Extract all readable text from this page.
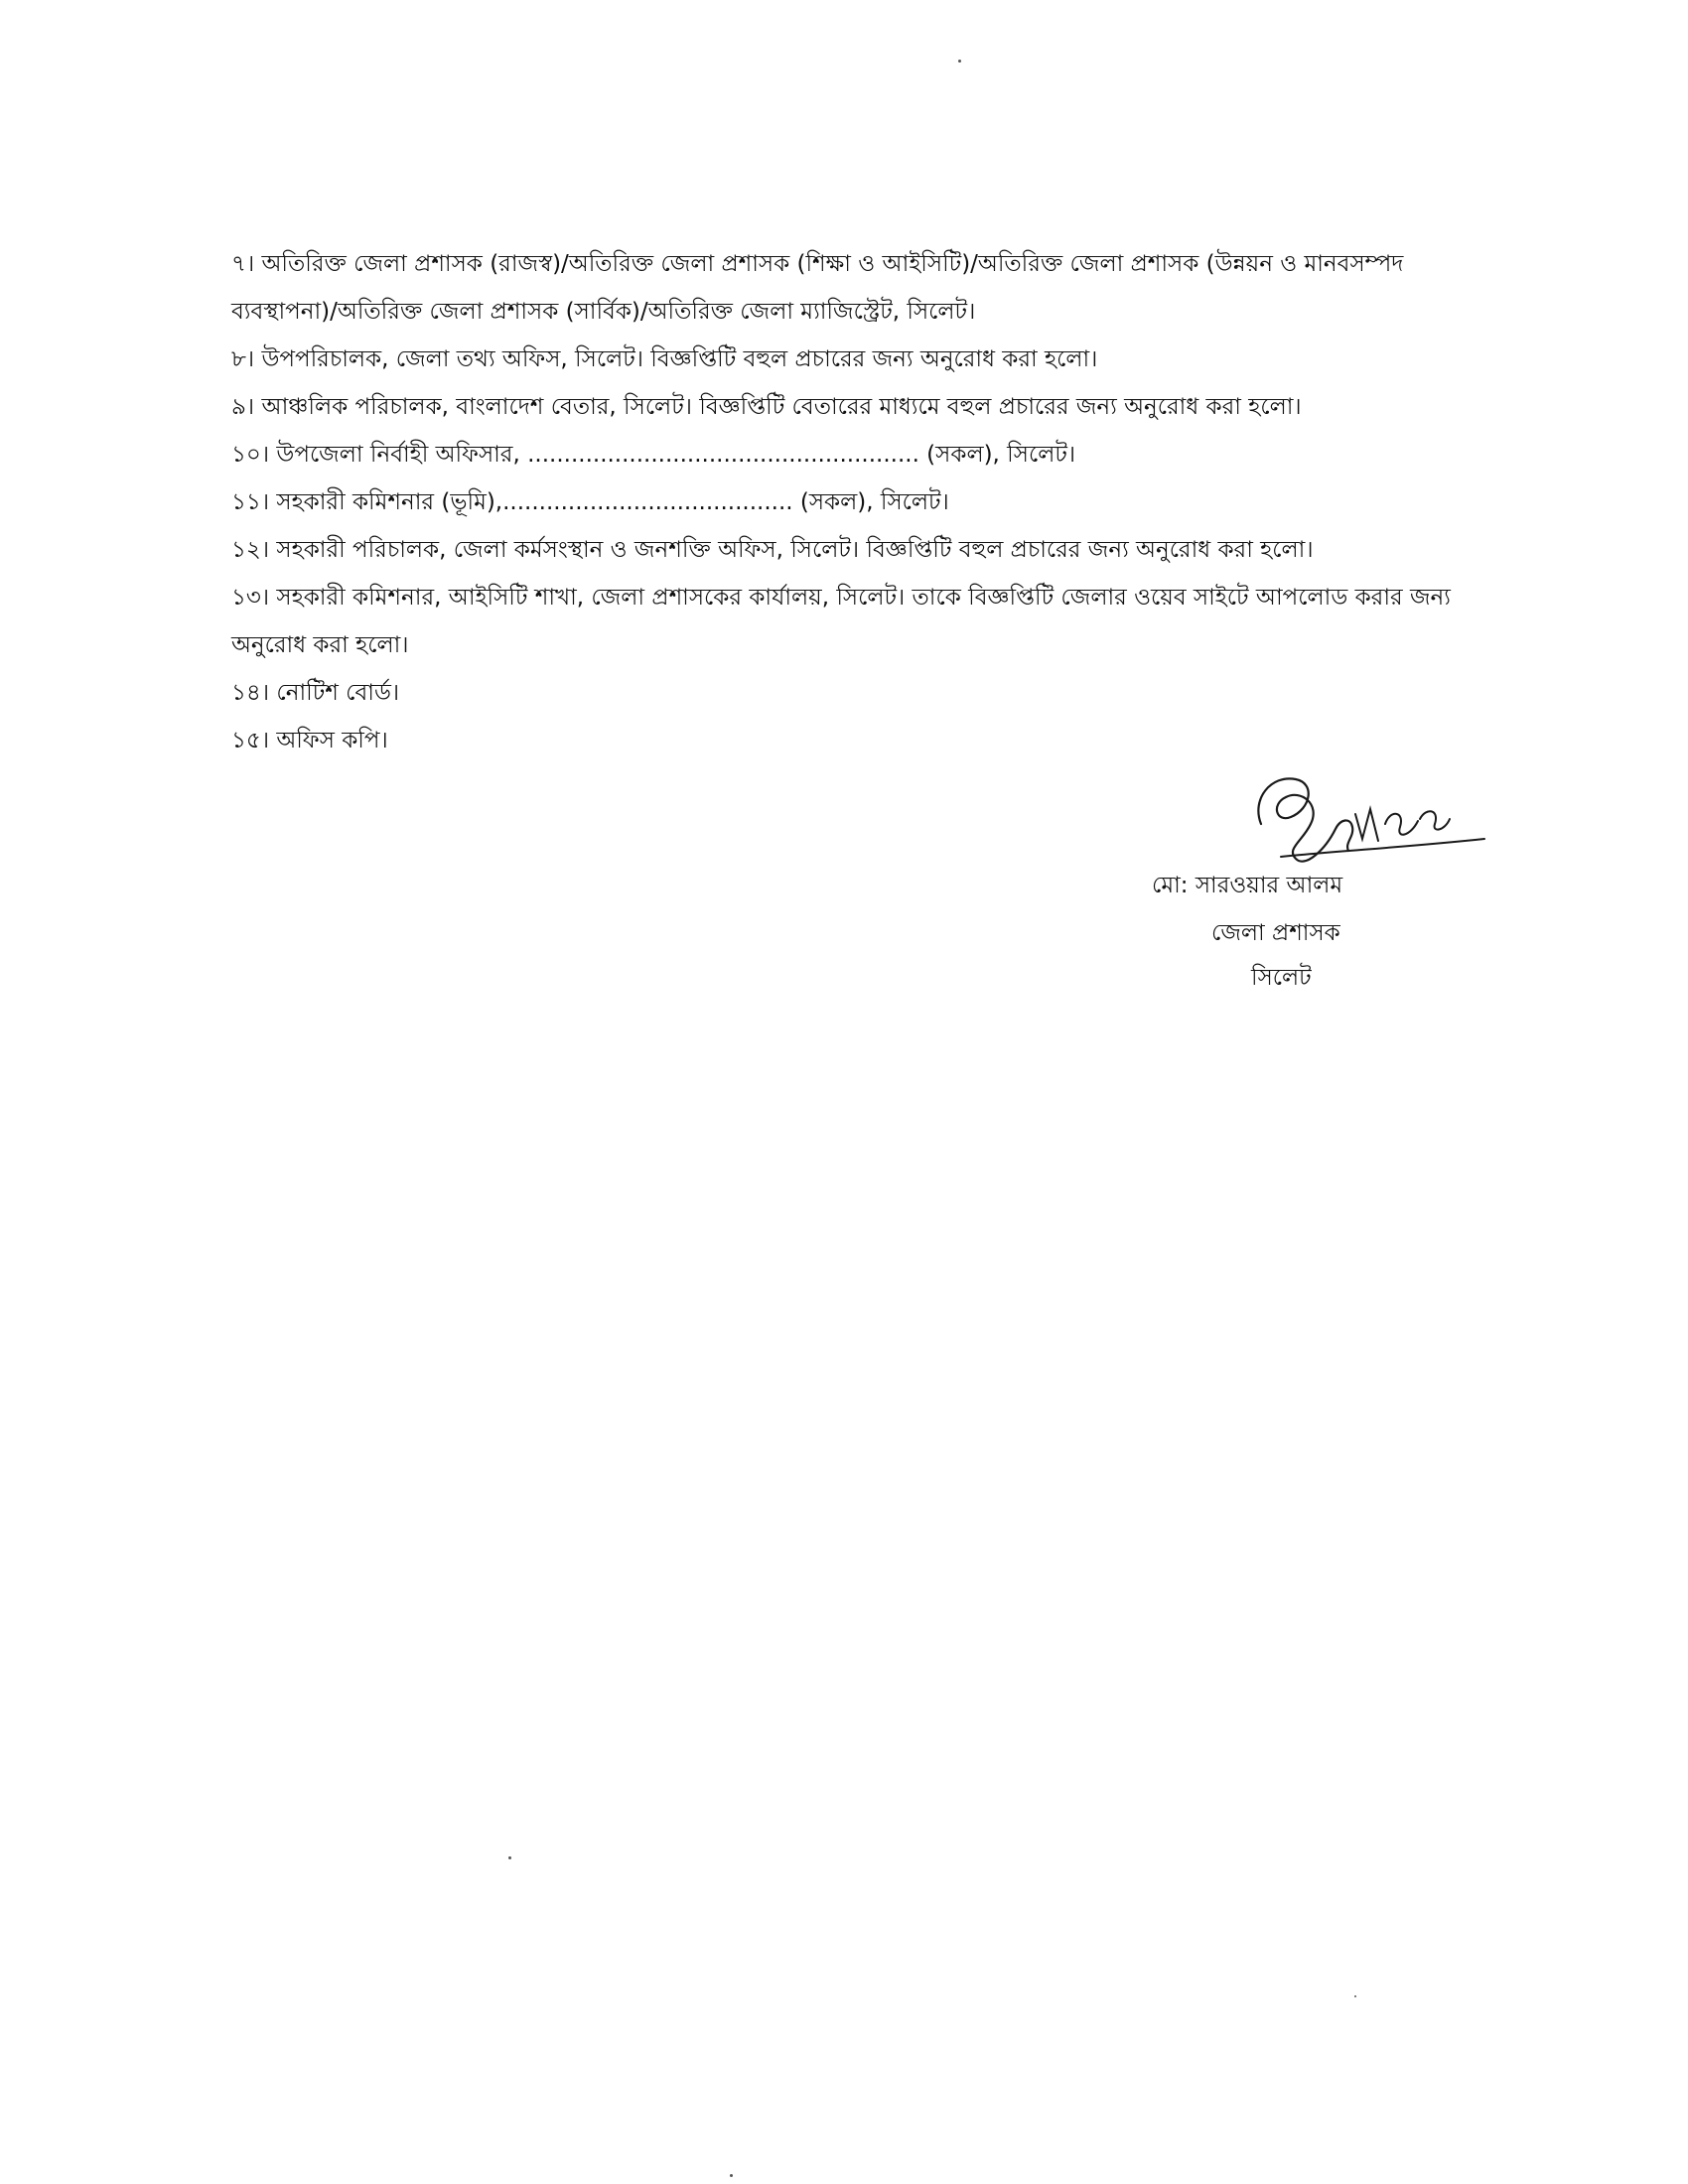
৭। অতিরিক্ত জেলা প্রশাসক (রাজস্ব)/অতিরিক্ত জেলা প্রশাসক (শিক্ষা ও আইসিটি)/অতিরিক্ত জেলা প্রশাসক (উন্নয়ন ও মানবসম্পদ ব্যবস্থাপনা)/অতিরিক্ত জেলা প্রশাসক (সার্বিক)/অতিরিক্ত জেলা ম্যাজিস্ট্রেট, সিলেট।
৮। উপপরিচালক, জেলা তথ্য অফিস, সিলেট। বিজ্ঞপ্তিটি বহুল প্রচারের জন্য অনুরোধ করা হলো।
৯। আঞ্চলিক পরিচালক, বাংলাদেশ বেতার, সিলেট। বিজ্ঞপ্তিটি বেতারের মাধ্যমে বহুল প্রচারের জন্য অনুরোধ করা হলো।
১০। উপজেলা নির্বাহী অফিসার, ...................................................... (সকল), সিলেট।
১১। সহকারী কমিশনার (ভূমি),........................................ (সকল), সিলেট।
১২। সহকারী পরিচালক, জেলা কর্মসংস্থান ও জনশক্তি অফিস, সিলেট। বিজ্ঞপ্তিটি বহুল প্রচারের জন্য অনুরোধ করা হলো।
১৩। সহকারী কমিশনার, আইসিটি শাখা, জেলা প্রশাসকের কার্যালয়, সিলেট। তাকে বিজ্ঞপ্তিটি জেলার ওয়েব সাইটে আপলোড করার জন্য অনুরোধ করা হলো।
১৪। নোটিশ বোর্ড।
১৫। অফিস কপি।
মো: সারওয়ার আলম
জেলা প্রশাসক
সিলেট
